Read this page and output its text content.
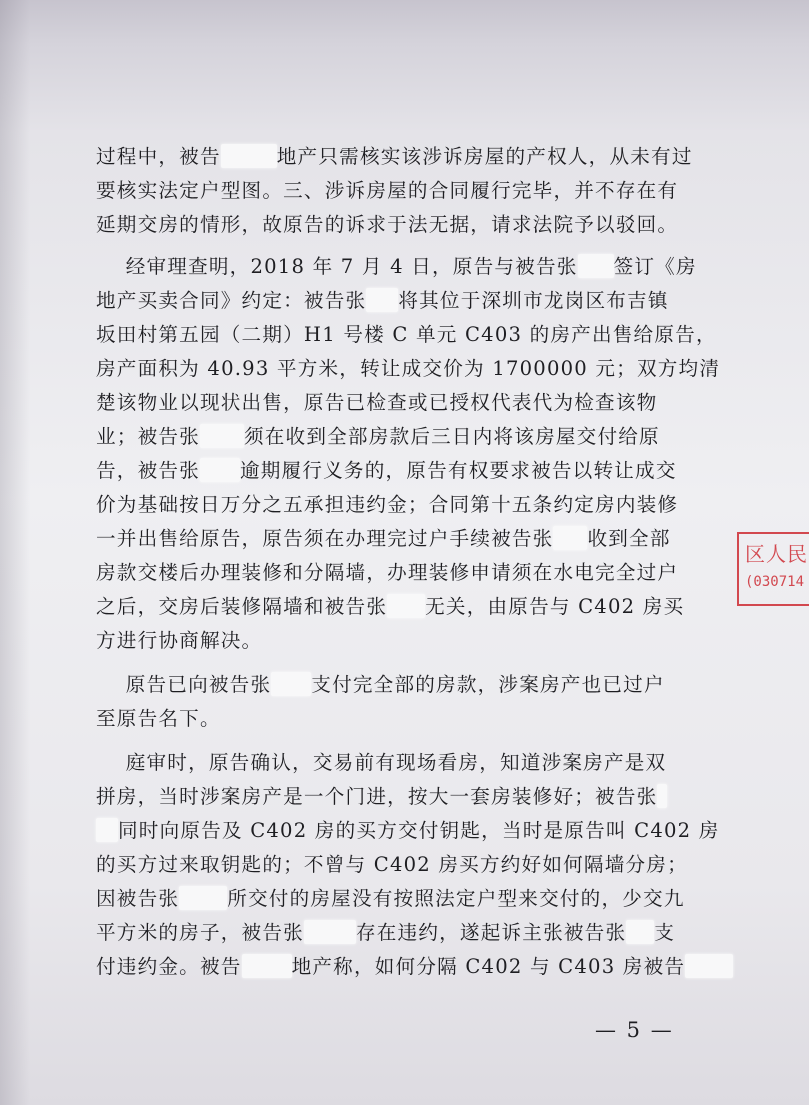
过程中，被告	地产只需核实该涉诉房屋的产权人，从未有过
要核实法定户型图。三、涉诉房屋的合同履行完毕，并不存在有
延期交房的情形，故原告的诉求于法无据，请求法院予以驳回。
经审理查明，2018 年 7 月 4 日，原告与被告张 签订《房
地产买卖合同》约定：被告张 将其位于深圳市龙岗区布吉镇
坂田村第五园（二期）H1 号楼 C 单元 C403 的房产出售给原告，
房产面积为 40.93 平方米，转让成交价为 1700000 元；双方均清
楚该物业以现状出售，原告已检查或已授权代表代为检查该物
业；被告张 须在收到全部房款后三日内将该房屋交付给原
告，被告张 逾期履行义务的，原告有权要求被告以转让成交
价为基础按日万分之五承担违约金；合同第十五条约定房内装修
一并出售给原告，原告须在办理完过户手续被告张 收到全部
房款交楼后办理装修和分隔墙，办理装修申请须在水电完全过户
之后，交房后装修隔墙和被告张 无关，由原告与 C402 房买
方进行协商解决。
原告已向被告张 支付完全部的房款，涉案房产也已过户
至原告名下。
庭审时，原告确认，交易前有现场看房，知道涉案房产是双
拼房，当时涉案房产是一个门进，按大一套房装修好；被告张
同时向原告及 C402 房的买方交付钥匙，当时是原告叫 C402 房
的买方过来取钥匙的；不曾与 C402 房买方约好如何隔墙分房；
因被告张 所交付的房屋没有按照法定户型来交付的，少交九
平方米的房子，被告张	存在违约，遂起诉主张被告张 支
付违约金。被告	地产称，如何分隔 C402 与 C403 房被告
区人民
(030714
— 5 —
